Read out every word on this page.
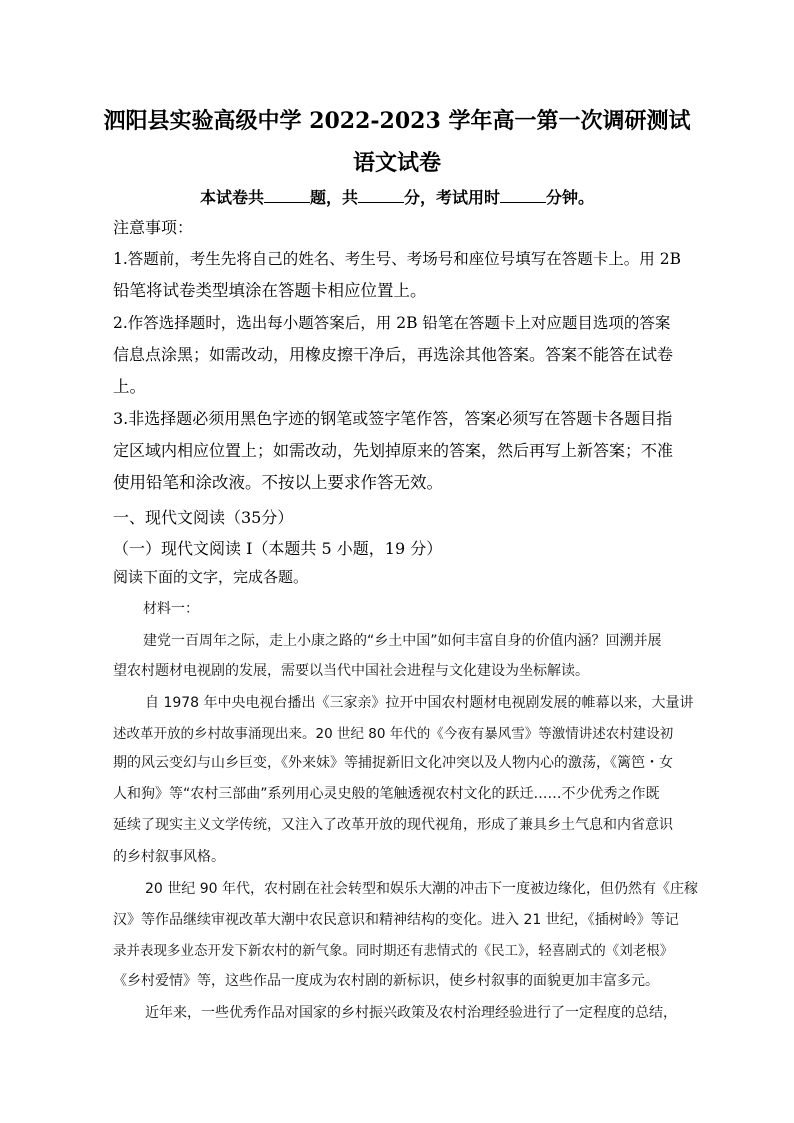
泗阳县实验高级中学 2022-2023 学年高一第一次调研测试
语文试卷
本试卷共	题，共	分，考试用时	分钟。
注意事项：
1.答题前，考生先将自己的姓名、考生号、考场号和座位号填写在答题卡上。用 2B
铅笔将试卷类型填涂在答题卡相应位置上。
2.作答选择题时，选出每小题答案后，用 2B 铅笔在答题卡上对应题目选项的答案
信息点涂黑；如需改动，用橡皮擦干净后，再选涂其他答案。答案不能答在试卷
上。
3.非选择题必须用黑色字迹的钢笔或签字笔作答，答案必须写在答题卡各题目指
定区域内相应位置上；如需改动，先划掉原来的答案，然后再写上新答案；不准
使用铅笔和涂改液。不按以上要求作答无效。
一、现代文阅读（35分）
（一）现代文阅读 I（本题共 5 小题，19 分）
阅读下面的文字，完成各题。
材料一：
建党一百周年之际，走上小康之路的“乡土中国”如何丰富自身的价值内涵？回溯并展
望农村题材电视剧的发展，需要以当代中国社会进程与文化建设为坐标解读。
自 1978 年中央电视台播出《三家亲》拉开中国农村题材电视剧发展的帷幕以来，大量讲
述改革开放的乡村故事涌现出来。20 世纪 80 年代的《今夜有暴风雪》等激情讲述农村建设初
期的风云变幻与山乡巨变，《外来妹》等捕捉新旧文化冲突以及人物内心的激荡，《篱笆・女
人和狗》等“农村三部曲”系列用心灵史般的笔触透视农村文化的跃迁……不少优秀之作既
延续了现实主义文学传统，又注入了改革开放的现代视角，形成了兼具乡土气息和内省意识
的乡村叙事风格。
20 世纪 90 年代，农村剧在社会转型和娱乐大潮的冲击下一度被边缘化，但仍然有《庄稼
汉》等作品继续审视改革大潮中农民意识和精神结构的变化。进入 21 世纪，《插树岭》等记
录并表现多业态开发下新农村的新气象。同时期还有悲情式的《民工》，轻喜剧式的《刘老根》
《乡村爱情》等，这些作品一度成为农村剧的新标识，使乡村叙事的面貌更加丰富多元。
近年来，一些优秀作品对国家的乡村振兴政策及农村治理经验进行了一定程度的总结，
